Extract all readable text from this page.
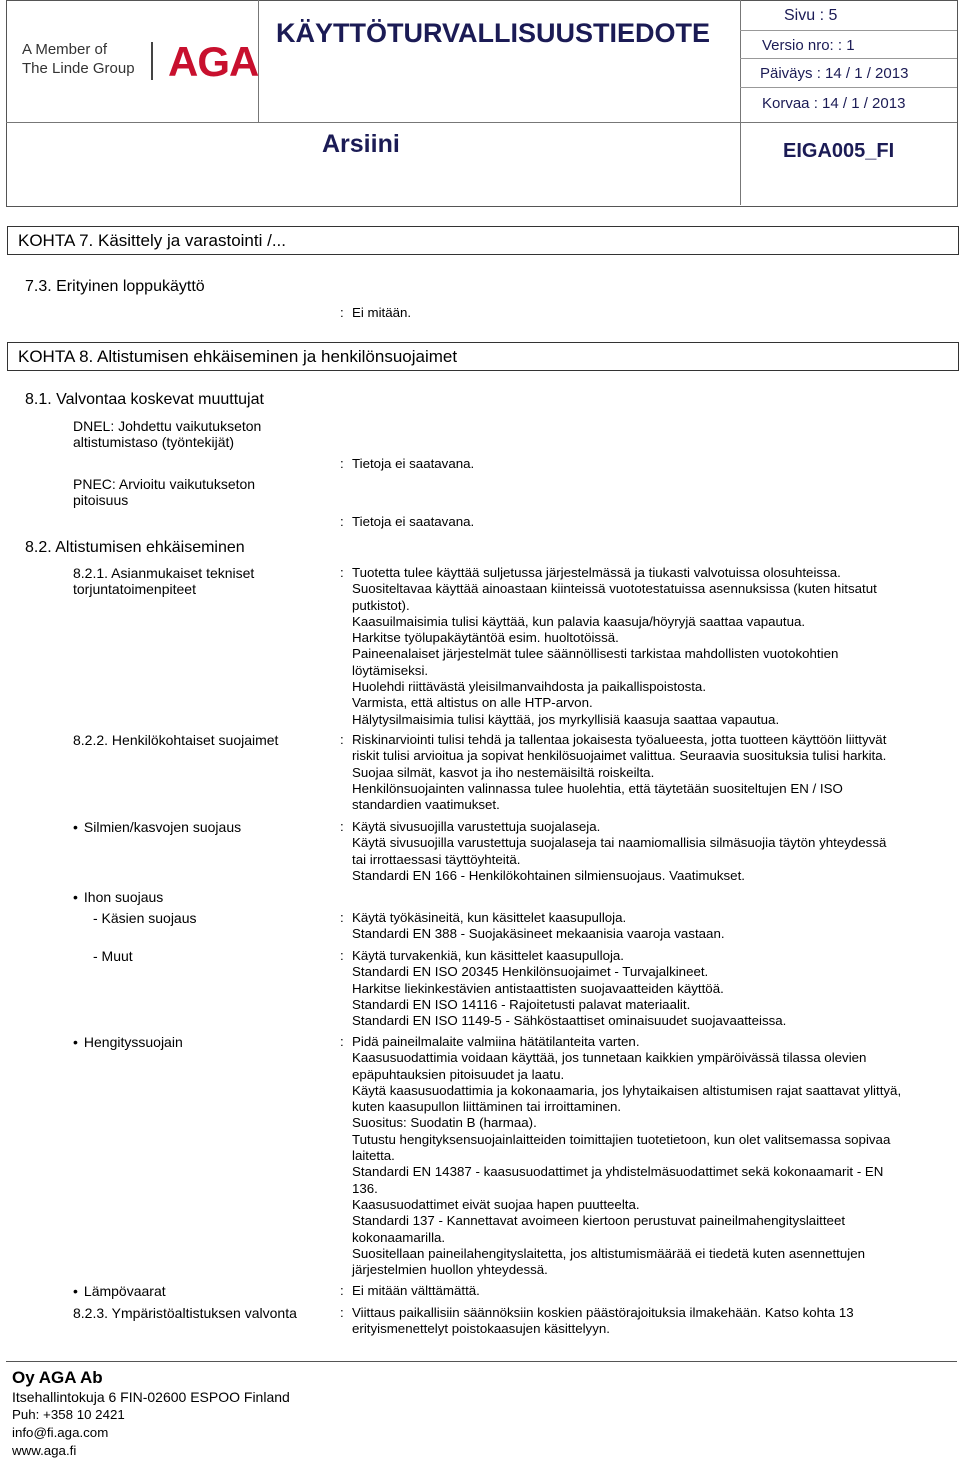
A Member of
The Linde Group AGA
KÄYTTÖTURVALLISUUSTIEDOTE
Sivu : 5
Versio nro: : 1
Päiväys : 14 / 1 / 2013
Korvaa : 14 / 1 / 2013
Arsiini	EIGA005_FI
KOHTA 7. Käsittely ja varastointi /...
7.3. Erityinen loppukäyttö
: Ei mitään.
KOHTA 8. Altistumisen ehkäiseminen ja henkilönsuojaimet
8.1. Valvontaa koskevat muuttujat
DNEL: Johdettu vaikutukseton
altistumistaso (työntekijät)
: Tietoja ei saatavana.
PNEC: Arvioitu vaikutukseton
pitoisuus
: Tietoja ei saatavana.
8.2. Altistumisen ehkäiseminen
8.2.1. Asianmukaiset tekniset
torjuntatoimenpiteet
: Tuotetta tulee käyttää suljetussa järjestelmässä ja tiukasti valvotuissa olosuhteissa.
Suositeltavaa käyttää ainoastaan kiinteissä vuototestatuissa asennuksissa (kuten hitsatut
putkistot).
Kaasuilmaisimia tulisi käyttää, kun palavia kaasuja/höyryjä saattaa vapautua.
Harkitse työlupakäytäntöä esim. huoltotöissä.
Paineenalaiset järjestelmät tulee säännöllisesti tarkistaa mahdollisten vuotokohtien
löytämiseksi.
Huolehdi riittävästä yleisilmanvaihdosta ja paikallispoistosta.
Varmista, että altistus on alle HTP-arvon.
Hälytysilmaisimia tulisi käyttää, jos myrkyllisiä kaasuja saattaa vapautua.
8.2.2. Henkilökohtaiset suojaimet	: Riskinarviointi tulisi tehdä ja tallentaa jokaisesta työalueesta, jotta tuotteen käyttöön liittyvät
riskit tulisi arvioitua ja sopivat henkilösuojaimet valittua. Seuraavia suosituksia tulisi harkita.
Suojaa silmät, kasvot ja iho nestemäisiltä roiskeilta.
Henkilönsuojainten valinnassa tulee huolehtia, että täytetään suositeltujen EN / ISO
standardien vaatimukset.
• Silmien/kasvojen suojaus	: Käytä sivusuojilla varustettuja suojalaseja.
Käytä sivusuojilla varustettuja suojalaseja tai naamiomallisia silmäsuojia täytön yhteydessä
tai irrottaessasi täyttöyhteitä.
Standardi EN 166 - Henkilökohtainen silmiensuojaus. Vaatimukset.
• Ihon suojaus
- Käsien suojaus	: Käytä työkäsineitä, kun käsittelet kaasupulloja.
Standardi EN 388 - Suojakäsineet mekaanisia vaaroja vastaan.
- Muut	: Käytä turvakenkiä, kun käsittelet kaasupulloja.
Standardi EN ISO 20345 Henkilönsuojaimet - Turvajalkineet.
Harkitse liekinkestävien antistaattisten suojavaatteiden käyttöä.
Standardi EN ISO 14116 - Rajoitetusti palavat materiaalit.
Standardi EN ISO 1149-5 - Sähköstaattiset ominaisuudet suojavaatteissa.
• Hengityssuojain	: Pidä paineilmalaite valmiina hätätilanteita varten.
Kaasusuodattimia voidaan käyttää, jos tunnetaan kaikkien ympäröivässä tilassa olevien
epäpuhtauksien pitoisuudet ja laatu.
Käytä kaasusuodattimia ja kokonaamaria, jos lyhytaikaisen altistumisen rajat saattavat ylittyä,
kuten kaasupullon liittäminen tai irroittaminen.
Suositus: Suodatin B (harmaa).
Tutustu hengityksensuojainlaitteiden toimittajien tuotetietoon, kun olet valitsemassa sopivaa
laitetta.
Standardi EN 14387 - kaasusuodattimet ja yhdistelmäsuodattimet sekä kokonaamarit - EN
136.
Kaasusuodattimet eivät suojaa hapen puutteelta.
Standardi 137 - Kannettavat avoimeen kiertoon perustuvat paineilmahengityslaitteet
kokonaamarilla.
Suositellaan paineilahengityslaitetta, jos altistumismäärää ei tiedetä kuten asennettujen
järjestelmien huollon yhteydessä.
• Lämpövaarat	: Ei mitään välttämättä.
8.2.3. Ympäristöaltistuksen valvonta	: Viittaus paikallisiin säännöksiin koskien päästörajoituksia ilmakehään. Katso kohta 13
erityismenettelyt poistokaasujen käsittelyyn.
Oy AGA Ab
Itsehallintokuja 6 FIN-02600 ESPOO Finland
Puh: +358 10 2421
info@fi.aga.com
www.aga.fi
